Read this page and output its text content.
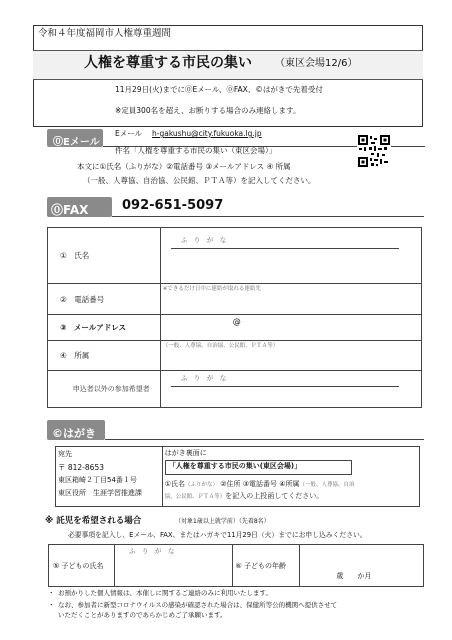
令和４年度福岡市人権尊重週間
人権を尊重する市民の集い （東区会場12/6）
11月29日(火)までに⓪Eメール、⓪FAX、©はがきで先着受付
※定員300名を超え、お断りする場合のみ連絡します。
⓪Eメール
Eメール h-gakushu@city.fukuoka.lg.jp
件名「人権を尊重する市民の集い（東区会場）」
本文に①氏名（ふりがな）②電話番号 ③メールアドレス ④ 所属
（一般、人尊協、自治協、公民館、ＰＴＡ等）を記入してください。
⓪FAX	092-651-5097
①　氏名	ふ　り　が　な

②　電話番号	※できるだけ日中に連絡が取れる連絡先

③　メールアドレス	@

④　所属	（一般、人尊協、自治協、公民館、ＰＴＡ等）

申込者以外の参加希望者	ふ　り　が　な
©はがき
宛先
〒 812-8653
東区箱崎２丁目54番１号
東区役所　生涯学習推進課

はがき裏面に
「人権を尊重する市民の集い(東区会場)」
①氏名（ふりがな） ②住所 ③電話番号 ④所属（一般、人尊協、自治
協、公民館、ＰＴＡ等）を記入の上投函してください。
※ 託児を希望される場合	（対象1歳以上就学前）（先着8名）
必要事項を記入し、Eメール、FAX、またはハガキで11月29日（火）までにお申し込みください。
⑤ 子どもの氏名	
ふ　り　が　な
	⑥ 子どもの年齢	
歳　　か月
・ お預かりした個人情報は、本催しに関するご連絡のみに利用いたします。
・ なお、参加者に新型コロナウイルスの感染が確認された場合は、保健所等公的機関へ提供させて
いただくことがありますのであらかじめご了承願います。
